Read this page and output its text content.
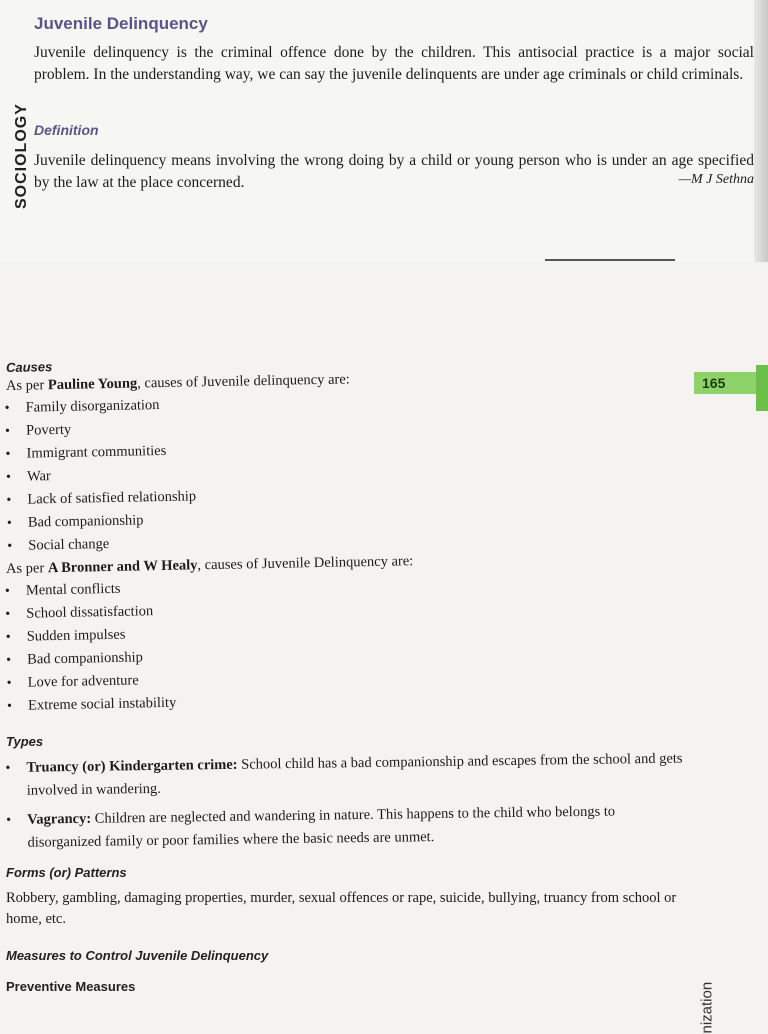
SOCIOLOGY
Juvenile Delinquency
Juvenile delinquency is the criminal offence done by the children. This antisocial practice is a major social problem. In the understanding way, we can say the juvenile delinquents are under age criminals or child criminals.
Definition
Juvenile delinquency means involving the wrong doing by a child or young person who is under an age specified by the law at the place concerned.	—M J Sethna
165
Causes
As per Pauline Young, causes of Juvenile delinquency are:
• Family disorganization
• Poverty
• Immigrant communities
• War
• Lack of satisfied relationship
• Bad companionship
• Social change
As per A Bronner and W Healy, causes of Juvenile Delinquency are:
• Mental conflicts
• School dissatisfaction
• Sudden impulses
• Bad companionship
• Love for adventure
• Extreme social instability
Types
• Truancy (or) Kindergarten crime: School child has a bad companionship and escapes from the school and gets involved in wandering.
• Vagrancy: Children are neglected and wandering in nature. This happens to the child who belongs to disorganized family or poor families where the basic needs are unmet.
Forms (or) Patterns
Robbery, gambling, damaging properties, murder, sexual offences or rape, suicide, bullying, truancy from school or home, etc.
Measures to Control Juvenile Delinquency
Preventive Measures	nization
